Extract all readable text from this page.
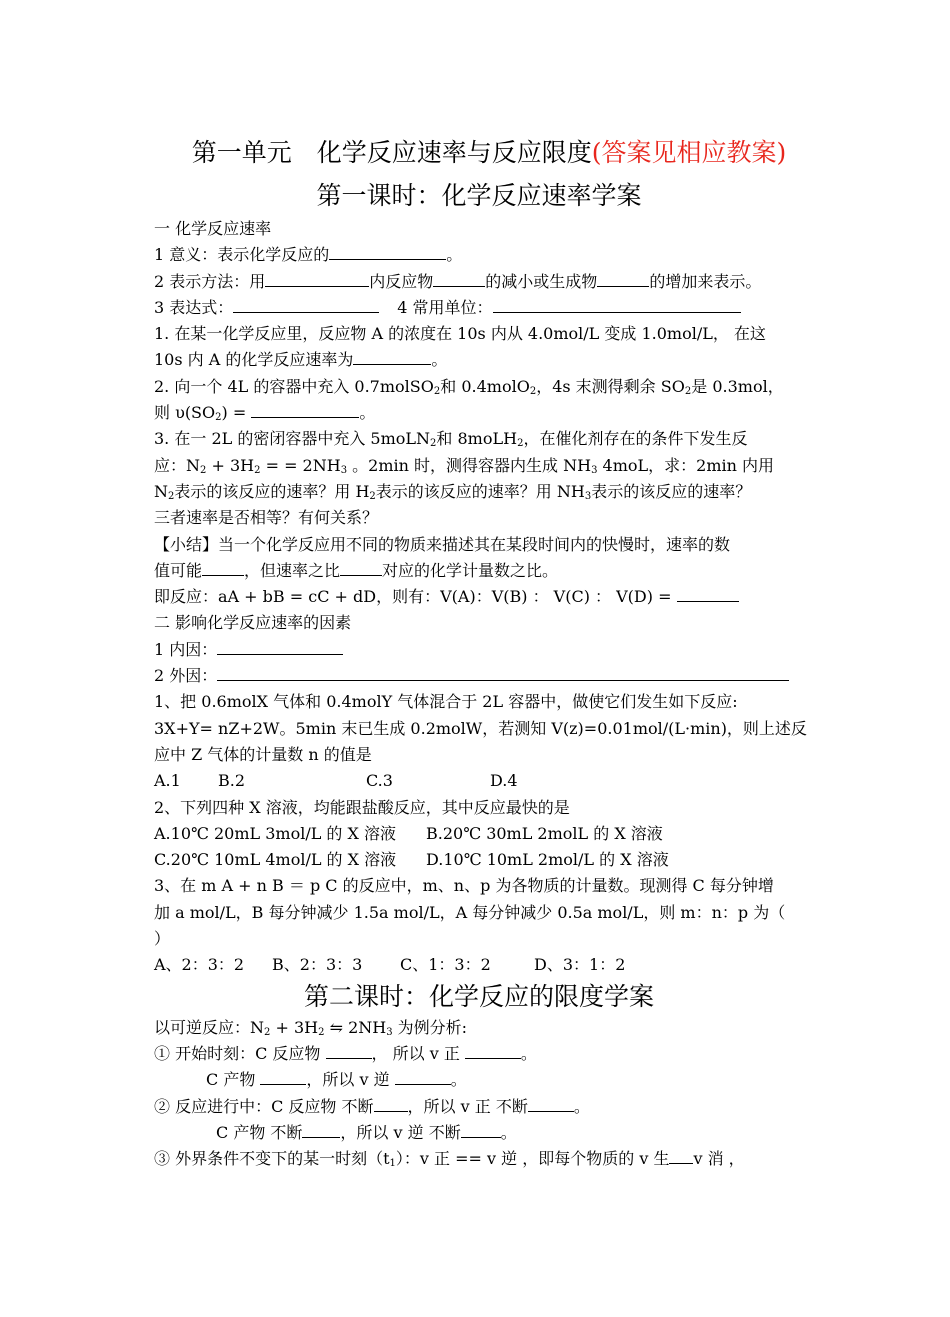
第一单元　化学反应速率与反应限度(答案见相应教案)
第一课时：化学反应速率学案
一 化学反应速率
1 意义：表示化学反应的	。
2 表示方法：用	内反应物	的减小或生成物	的增加来表示。
3 表达式：	4 常用单位：
1. 在某一化学反应里，反应物 A 的浓度在 10s 内从 4.0mol/L 变成 1.0mol/L， 在这
10s 内 A 的化学反应速率为	。
2. 向一个 4L 的容器中充入 0.7molSO$_2$和 0.4molO$_2$，4s 末测得剩余 $SO_2$是 0.3mol，
则 $\upsilon(SO_2)$ =	。
3. 在一 2L 的密闭容器中充入 5moLN$_2$和 8moLH$_2$，在催化剂存在的条件下发生反
应：$N_2 + 3H_2$ = = $2NH_3$ 。2min 时，测得容器内生成 $NH_3$ 4moL，求：2min 内用
$N_2$表示的该反应的速率？用 $H_2$表示的该反应的速率？用 $NH_3$表示的该反应的速率？
三者速率是否相等？有何关系？
【小结】当一个化学反应用不同的物质来描述其在某段时间内的快慢时，速率的数
值可能	，但速率之比	对应的化学计量数之比。
即反应：aA + bB = cC + dD，则有：V(A)：V(B) ： V(C) ： V(D) =
二 影响化学反应速率的因素
1 内因：
2 外因：
1、把 0.6molX 气体和 0.4molY 气体混合于 2L 容器中，做使它们发生如下反应:
3X+Y= nZ+2W。5min 末已生成 0.2molW，若测知 V(z)=0.01mol/(L·min)，则上述反
应中 Z 气体的计量数 n 的值是
A.1 B.2	C.3	D.4
2、下列四种 X 溶液，均能跟盐酸反应，其中反应最快的是
A.10℃ 20mL 3mol/L 的 X 溶液 B.20℃ 30mL 2molL 的 X 溶液
C.20℃ 10mL 4mol/L 的 X 溶液 D.10℃ 10mL 2mol/L 的 X 溶液
3、在 m A + n B ＝ p C 的反应中，m、n、p 为各物质的计量数。现测得 C 每分钟增
加 a mol/L，B 每分钟减少 1.5a mol/L，A 每分钟减少 0.5a mol/L，则 m：n：p 为（
）
A、2：3：2 B、2：3：3 C、1：3：2	D、3：1：2
第二课时：化学反应的限度学案
以可逆反应：$N_2 + 3H_2$ ⇋ $2NH_3$ 为例分析:
① 开始时刻：C 反应物	， 所以 v 正	。
C 产物	，所以 v 逆	。
② 反应进行中：C 反应物 不断 ，所以 v 正 不断	。
C 产物 不断 ，所以 v 逆 不断	。
③ 外界条件不变下的某一时刻$(t_1)$：v 正 == v 逆 ，即每个物质的 v 生 v 消 ，
